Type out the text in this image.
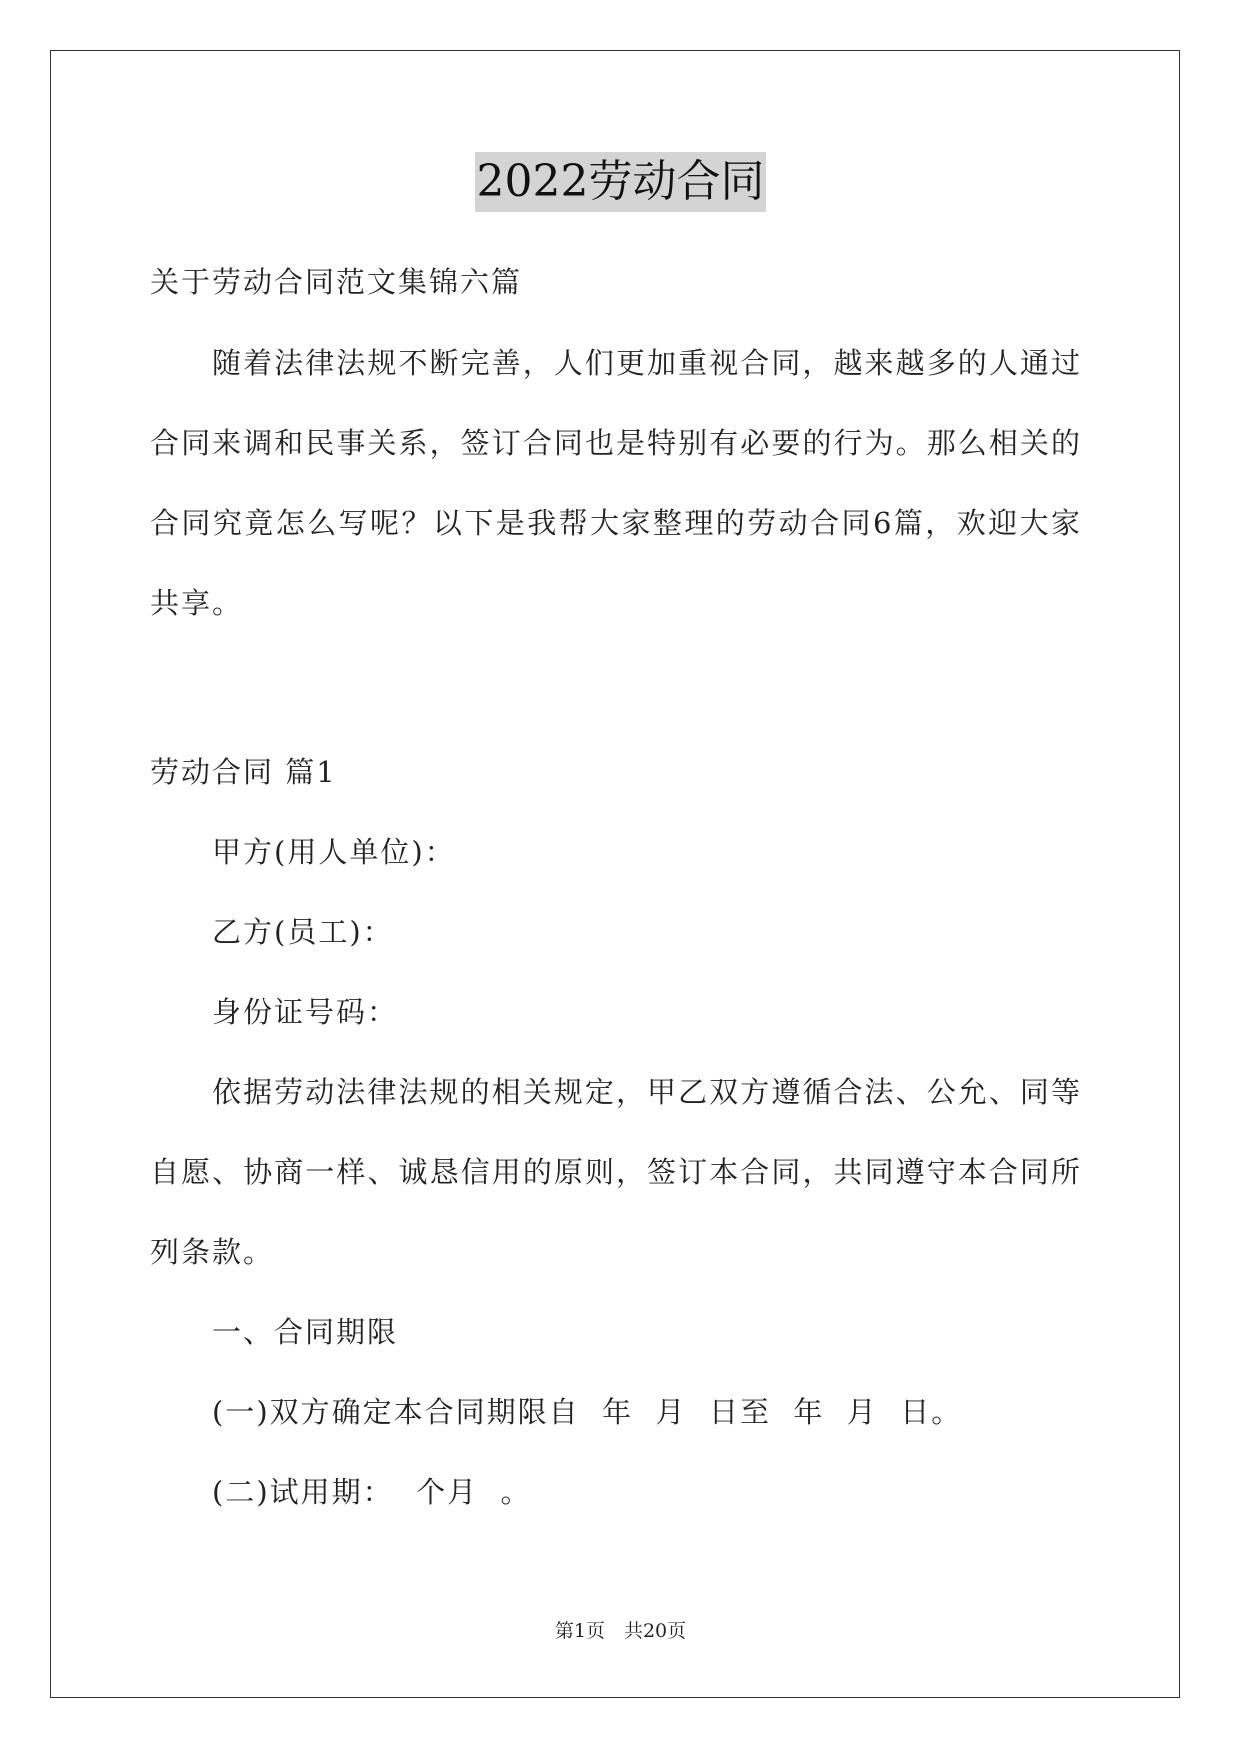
2022劳动合同
关于劳动合同范文集锦六篇
随着法律法规不断完善，人们更加重视合同，越来越多的人通过
合同来调和民事关系，签订合同也是特别有必要的行为。那么相关的
合同究竟怎么写呢？以下是我帮大家整理的劳动合同6篇，欢迎大家
共享。
劳动合同 篇1
甲方(用人单位)：
乙方(员工)：
身份证号码：
依据劳动法律法规的相关规定，甲乙双方遵循合法、公允、同等
自愿、协商一样、诚恳信用的原则，签订本合同，共同遵守本合同所
列条款。
一、合同期限
(一)双方确定本合同期限自  年  月  日至  年  月  日。
(二)试用期：  个月  。
第1页　共20页
